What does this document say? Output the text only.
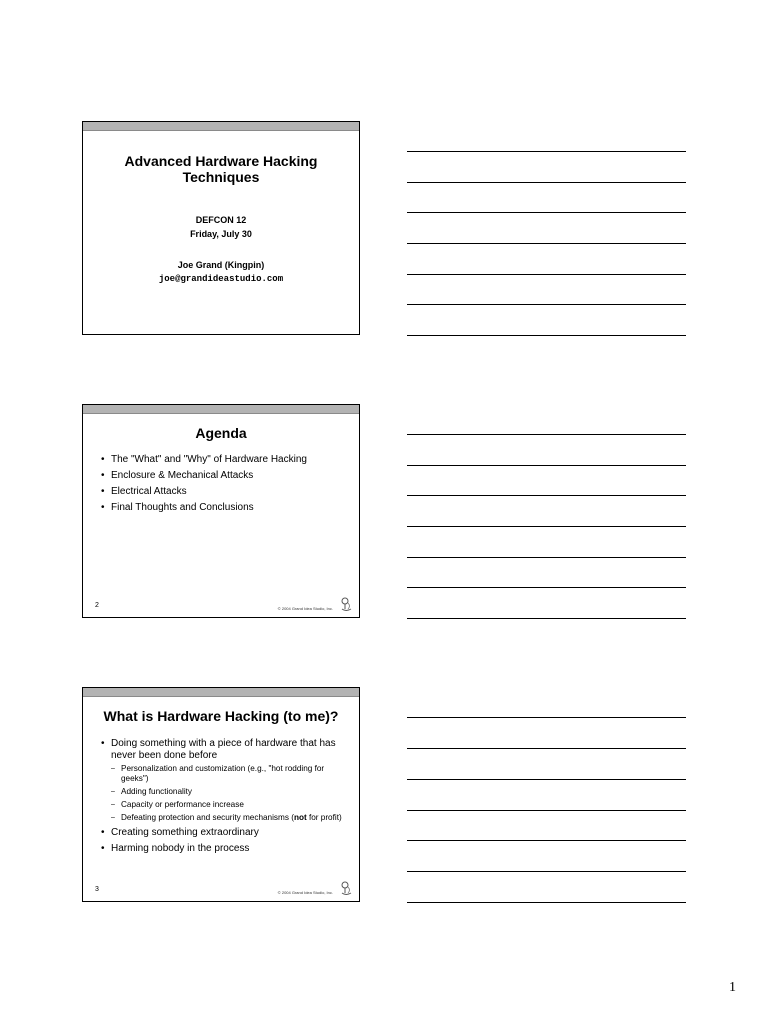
Advanced Hardware Hacking
Techniques
DEFCON 12
Friday, July 30
Joe Grand (Kingpin)
joe@grandideastudio.com
Agenda
• The "What" and "Why" of Hardware Hacking
• Enclosure & Mechanical Attacks
• Electrical Attacks
• Final Thoughts and Conclusions
2	© 2004 Grand Idea Studio, Inc.
What is Hardware Hacking (to me)?
• Doing something with a piece of hardware that has never been done before
– Personalization and customization (e.g., "hot rodding for geeks")
– Adding functionality
– Capacity or performance increase
– Defeating protection and security mechanisms (not for profit)
• Creating something extraordinary
• Harming nobody in the process
3	© 2004 Grand Idea Studio, Inc.
1
